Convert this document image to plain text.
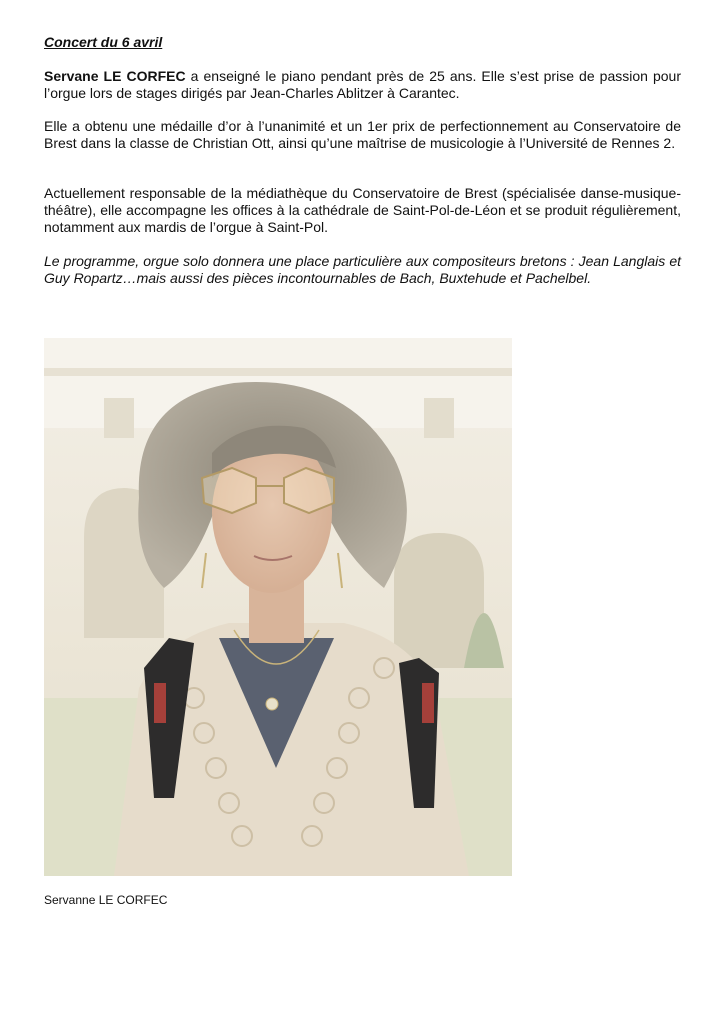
Concert du 6 avril

Servane LE CORFEC a enseigné le piano pendant près de 25 ans. Elle s’est prise de passion pour l’orgue lors de stages dirigés par Jean-Charles Ablitzer à Carantec.

Elle a obtenu une médaille d’or à l’unanimité et un 1er prix de perfectionnement au Conservatoire de Brest dans la classe de Christian Ott, ainsi qu’une maîtrise de musicologie à l’Université de Rennes 2.

Actuellement responsable de la médiathèque du Conservatoire de Brest (spécialisée danse-musique-théâtre), elle accompagne les offices à la cathédrale de Saint-Pol-de-Léon et se produit régulièrement, notamment aux mardis de l’orgue à Saint-Pol.

Le programme, orgue solo donnera une place particulière aux compositeurs bretons : Jean Langlais et Guy Ropartz…mais aussi des pièces incontournables de Bach, Buxtehude et Pachelbel.

Servanne LE CORFEC
